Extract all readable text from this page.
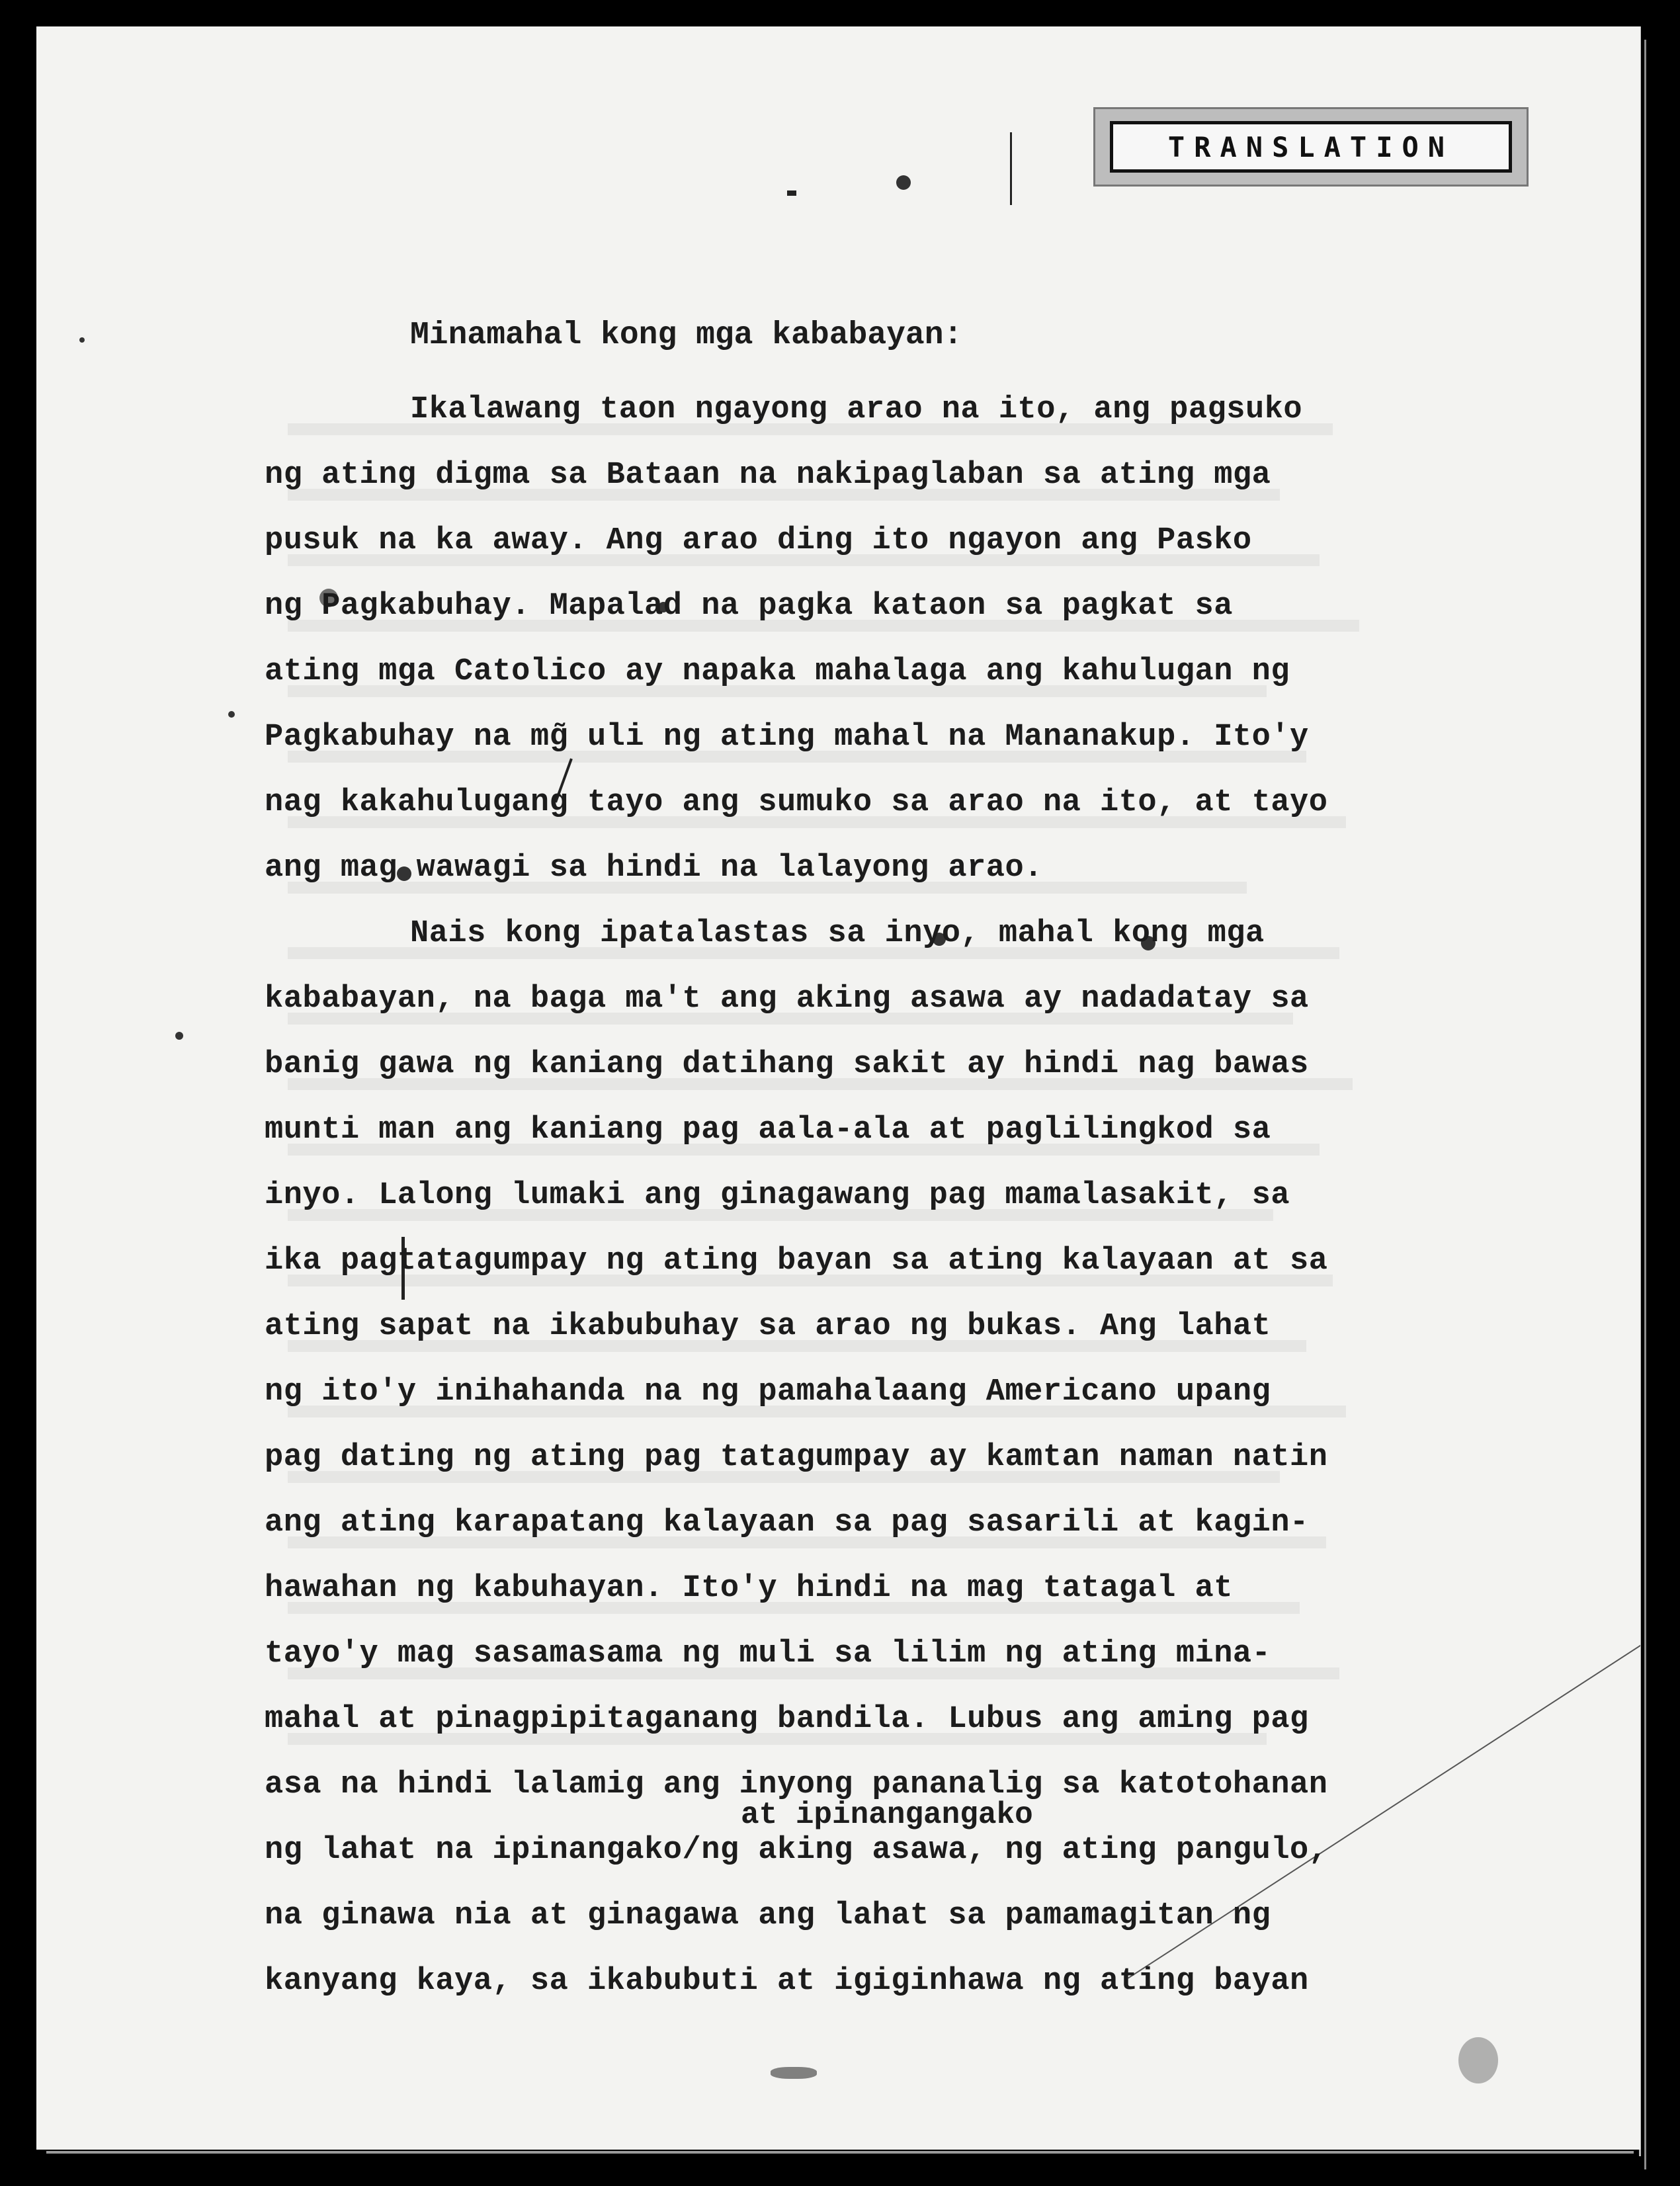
TRANSLATION

Minamahal kong mga kababayan:

at ipinangangako
Ikalawang taon ngayong arao na ito, ang pagsuko
ng ating digma sa Bataan na nakipaglaban sa ating mga
pusuk na ka away. Ang arao ding ito ngayon ang Pasko
ng Pagkabuhay. Mapalad na pagka kataon sa pagkat sa
ating mga Catolico ay napaka mahalaga ang kahulugan ng
Pagkabuhay na mg̃ uli ng ating mahal na Mananakup. Ito'y
nag kakahulugang tayo ang sumuko sa arao na ito, at tayo
ang mag wawagi sa hindi na lalayong arao.
Nais kong ipatalastas sa inyo, mahal kong mga
kababayan, na baga ma't ang aking asawa ay nadadatay sa
banig gawa ng kaniang datihang sakit ay hindi nag bawas
munti man ang kaniang pag aala-ala at paglilingkod sa
inyo. Lalong lumaki ang ginagawang pag mamalasakit, sa
ika pagtatagumpay ng ating bayan sa ating kalayaan at sa
ating sapat na ikabubuhay sa arao ng bukas. Ang lahat
ng ito'y inihahanda na ng pamahalaang Americano upang
pag dating ng ating pag tatagumpay ay kamtan naman natin
ang ating karapatang kalayaan sa pag sasarili at kagin-
hawahan ng kabuhayan. Ito'y hindi na mag tatagal at
tayo'y mag sasamasama ng muli sa lilim ng ating mina-
mahal at pinagpipitaganang bandila. Lubus ang aming pag
asa na hindi lalamig ang inyong pananalig sa katotohanan
ng lahat na ipinangako/ng aking asawa, ng ating pangulo,
na ginawa nia at ginagawa ang lahat sa pamamagitan ng
kanyang kaya, sa ikabubuti at igiginhawa ng ating bayan
